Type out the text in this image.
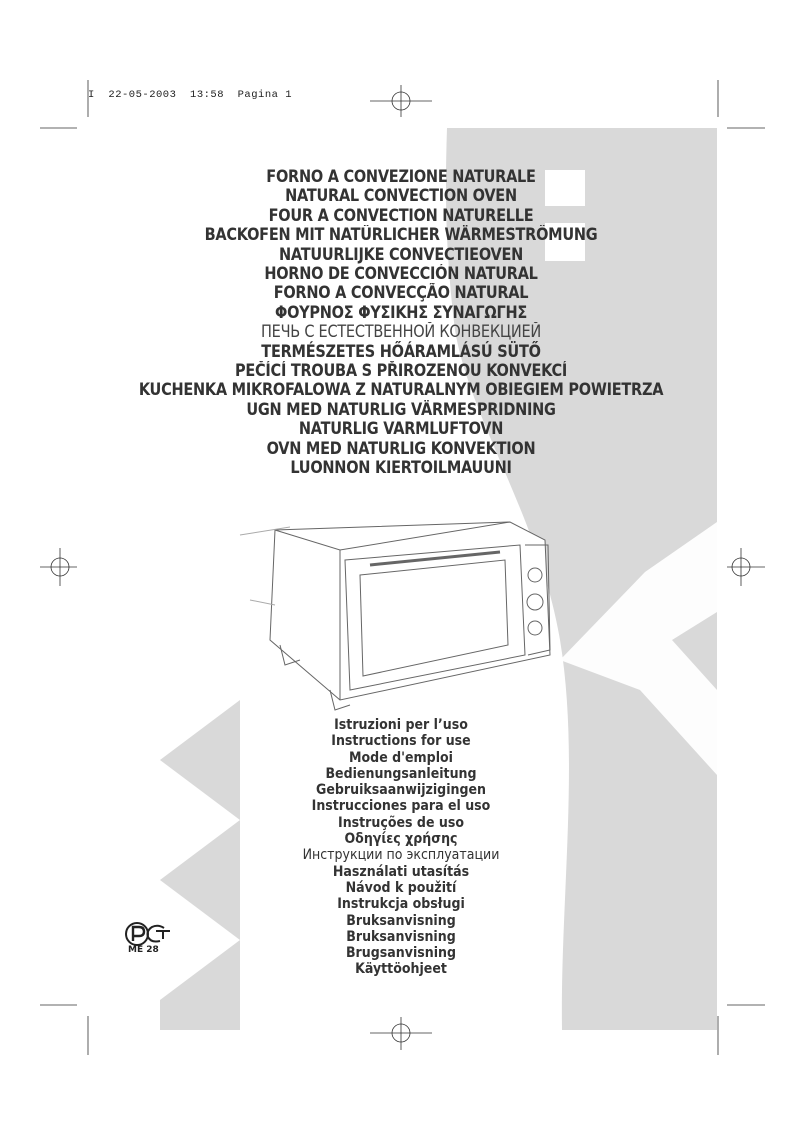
I  22-05-2003  13:58  Pagina 1
FORNO A CONVEZIONE NATURALE
NATURAL CONVECTION OVEN
FOUR A CONVECTION NATURELLE
BACKOFEN MIT NATÜRLICHER WÄRMESTRÖMUNG
NATUURLIJKE CONVECTIEOVEN
HORNO DE CONVECCIÓN NATURAL
FORNO A CONVECÇÃO NATURAL
ΦΟΥΡΝΟΣ ΦΥΣΙΚΗΣ ΣΥΝΑΓΩΓΗΣ
ПЕЧЬ С ЕСТЕСТВЕННОЙ КОНВЕКЦИЕЙ
TERMÉSZETES HŐÁRAMLÁSÚ SÜTŐ
PEČÍCÍ TROUBA S PŘIROZENOU KONVEKCÍ
KUCHENKA MIKROFALOWA Z NATURALNYM OBIEGIEM POWIETRZA
UGN MED NATURLIG VÄRMESPRIDNING
NATURLIG VARMLUFTOVN
OVN MED NATURLIG KONVEKTION
LUONNON KIERTOILMAUUNI
Istruzioni per l’uso
Instructions for use
Mode d'emploi
Bedienungsanleitung
Gebruiksaanwijzigingen
Instrucciones para el uso
Instruções de uso
Οδηγίες χρήσης
Инструкции по эксплуатации
Használati utasítás
Návod k použití
Instrukcja obsługi
Bruksanvisning
Bruksanvisning
Brugsanvisning
Käyttöohjeet
ME 28
